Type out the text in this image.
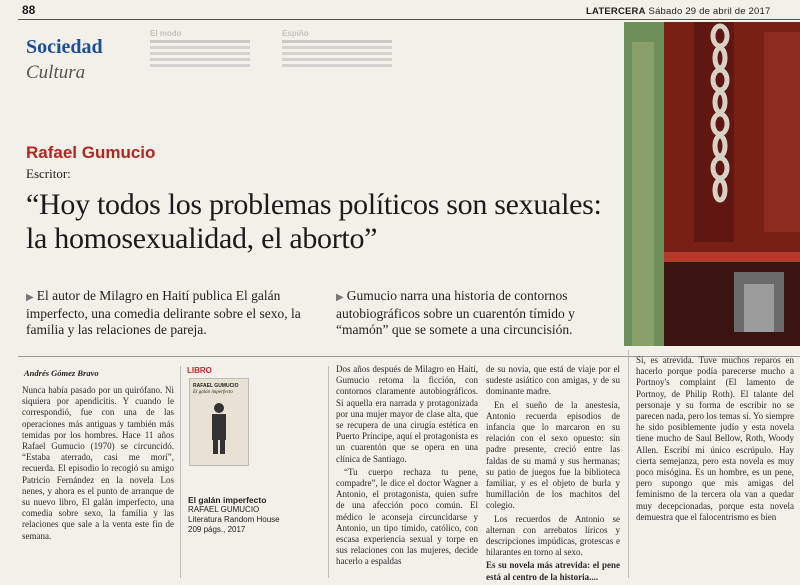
88	LATERCERA Sábado 29 de abril de 2017
Sociedad
Cultura
El modo	Espiño
Rafael Gumucio
Escritor:
“Hoy todos los problemas políticos son sexuales: la homosexualidad, el aborto”
▶ El autor de Milagro en Haití publica El galán imperfecto, una comedia delirante sobre el sexo, la familia y las relaciones de pareja.
▶ Gumucio narra una historia de contornos autobiográficos sobre un cuarentón tímido y “mamón” que se somete a una circuncisión.
Andrés Gómez Bravo

Nunca había pasado por un quirófano. Ni siquiera por apendicitis. Y cuando le correspondió, fue con una de las operaciones más antiguas y también más temidas por los hombres. Hace 11 años Rafael Gumucio (1970) se circuncidó. “Estaba aterrado, casi me morí”, recuerda. El episodio lo recogió su amigo Patricio Fernández en la novela Los nenes, y ahora es el punto de arranque de su nuevo libro, El galán imperfecto, una comedia sobre sexo, la familia y las relaciones que sale a la venta este fin de semana.

LIBRO
RAFAEL GUMUCIO
El galán imperfecto
El galán imperfecto
RAFAEL GUMUCIO
Literatura Random House
209 págs., 2017

Dos años después de Milagro en Haití, Gumucio retoma la ficción, con contornos claramente autobiográficos. Si aquella era narrada y protagonizada por una mujer mayor de clase alta, que se recupera de una cirugía estética en Puerto Príncipe, aquí el protagonista es un cuarentón que se opera en una clínica de Santiago.

“Tu cuerpo rechaza tu pene, compadre”, le dice el doctor Wagner a Antonio, el protagonista, quien sufre de una afección poco común. El médico le aconseja circuncidarse y Antonio, un tipo tímido, católico, con escasa experiencia sexual y torpe en sus relaciones con las mujeres, decide hacerlo a espaldas

de su novia, que está de viaje por el sudeste asiático con amigas, y de su dominante madre.

En el sueño de la anestesia, Antonio recuerda episodios de infancia que lo marcaron en su relación con el sexo opuesto: sin padre presente, creció entre las faldas de su mamá y sus hermanas; su patio de juegos fue la biblioteca familiar, y es el objeto de burla y humillación de los machitos del colegio.

Los recuerdos de Antonio se alternan con arrebatos líricos y descripciones impúdicas, grotescas e hilarantes en torno al sexo.

Es su novela más atrevida: el pene está al centro de la historia....

Sí, es atrevida. Tuve muchos reparos en hacerlo porque podía parecerse mucho a Portnoy's complaint (El lamento de Portnoy, de Philip Roth). El talante del personaje y su forma de escribir no se parecen nada, pero los temas sí. Yo siempre he sido posiblemente judío y esta novela tiene mucho de Saul Bellow, Roth, Woody Allen. Escribí mi único escrúpulo. Hay cierta semejanza, pero esta novela es muy poco misógina. Es un hombre, es un pene, pero supongo que mis amigas del feminismo de la tercera ola van a quedar muy decepcionadas, porque esta novela demuestra que el falocentrismo es bien
